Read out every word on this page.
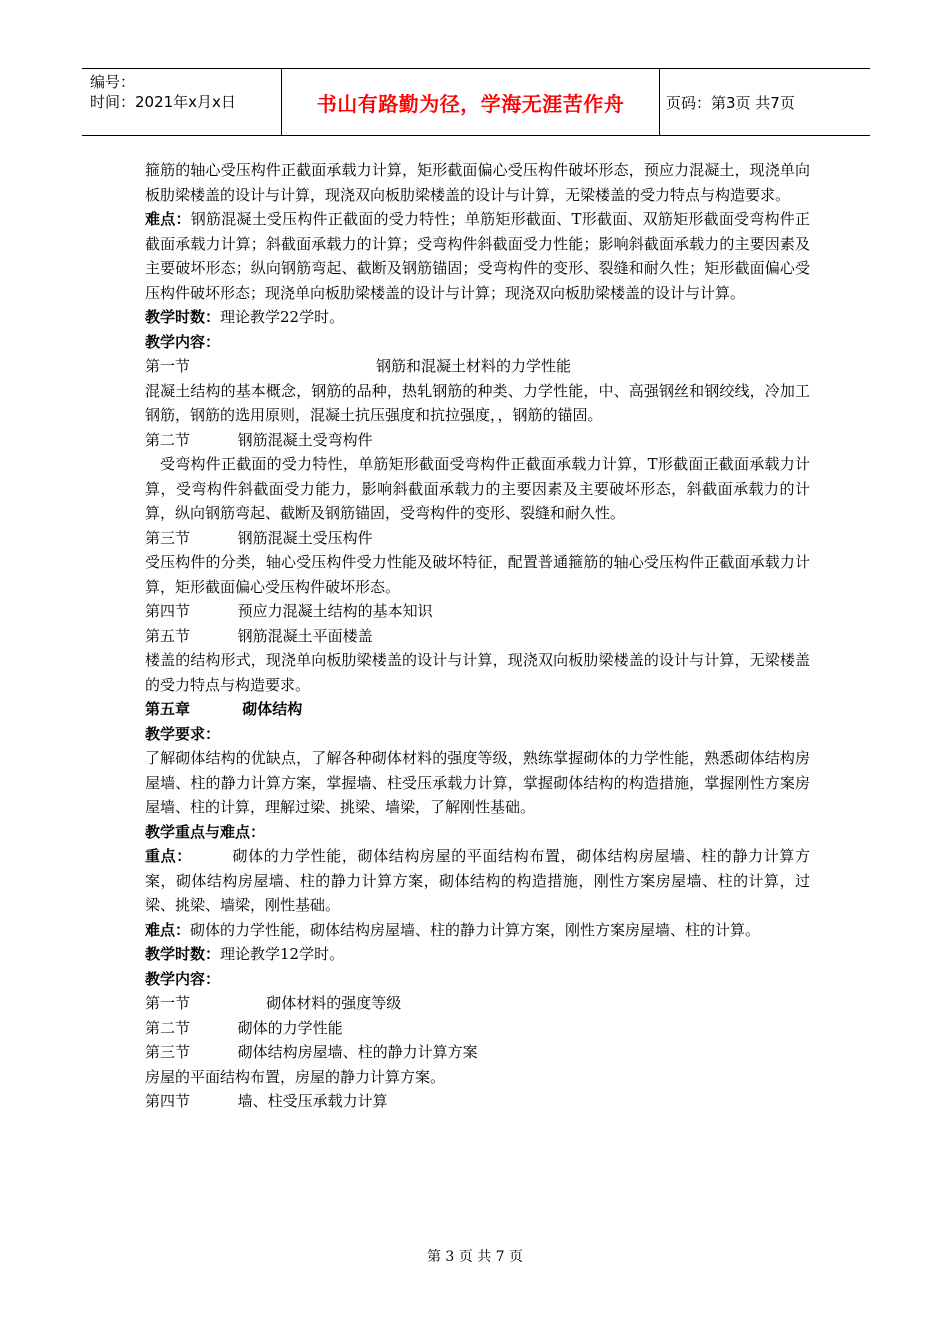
编号：
时间：2021年x月x日	书山有路勤为径，学海无涯苦作舟	页码：第3页 共7页

箍筋的轴心受压构件正截面承载力计算，矩形截面偏心受压构件破坏形态，预应力混凝土，现浇单向板肋梁楼盖的设计与计算，现浇双向板肋梁楼盖的设计与计算，无梁楼盖的受力特点与构造要求。

难点：钢筋混凝土受压构件正截面的受力特性；单筋矩形截面、T形截面、双筋矩形截面受弯构件正截面承载力计算；斜截面承载力的计算；受弯构件斜截面受力性能；影响斜截面承载力的主要因素及主要破坏形态；纵向钢筋弯起、截断及钢筋锚固；受弯构件的变形、裂缝和耐久性；矩形截面偏心受压构件破坏形态；现浇单向板肋梁楼盖的设计与计算；现浇双向板肋梁楼盖的设计与计算。

教学时数：理论教学22学时。

教学内容：

第一节                                       钢筋和混凝土材料的力学性能

混凝土结构的基本概念，钢筋的品种，热轧钢筋的种类、力学性能，中、高强钢丝和钢绞线，冷加工钢筋，钢筋的选用原则，混凝土抗压强度和抗拉强度，，钢筋的锚固。

第二节          钢筋混凝土受弯构件

受弯构件正截面的受力特性，单筋矩形截面受弯构件正截面承载力计算，T形截面正截面承载力计算，受弯构件斜截面受力能力，影响斜截面承载力的主要因素及主要破坏形态，斜截面承载力的计算，纵向钢筋弯起、截断及钢筋锚固，受弯构件的变形、裂缝和耐久性。

第三节          钢筋混凝土受压构件

受压构件的分类，轴心受压构件受力性能及破坏特征，配置普通箍筋的轴心受压构件正截面承载力计算，矩形截面偏心受压构件破坏形态。

第四节          预应力混凝土结构的基本知识

第五节          钢筋混凝土平面楼盖

楼盖的结构形式，现浇单向板肋梁楼盖的设计与计算，现浇双向板肋梁楼盖的设计与计算，无梁楼盖的受力特点与构造要求。

第五章          砌体结构

教学要求：

了解砌体结构的优缺点，了解各种砌体材料的强度等级，熟练掌握砌体的力学性能，熟悉砌体结构房屋墙、柱的静力计算方案，掌握墙、柱受压承载力计算，掌握砌体结构的构造措施，掌握刚性方案房屋墙、柱的计算，理解过梁、挑梁、墙梁，了解刚性基础。

教学重点与难点：

重点：	砌体的力学性能，砌体结构房屋的平面结构布置，砌体结构房屋墙、柱的静力计算方案，砌体结构房屋墙、柱的静力计算方案，砌体结构的构造措施，刚性方案房屋墙、柱的计算，过梁、挑梁、墙梁，刚性基础。

难点：砌体的力学性能，砌体结构房屋墙、柱的静力计算方案，刚性方案房屋墙、柱的计算。

教学时数：理论教学12学时。

教学内容：

第一节                砌体材料的强度等级

第二节          砌体的力学性能

第三节          砌体结构房屋墙、柱的静力计算方案

房屋的平面结构布置，房屋的静力计算方案。

第四节          墙、柱受压承载力计算

第 3 页 共 7 页
